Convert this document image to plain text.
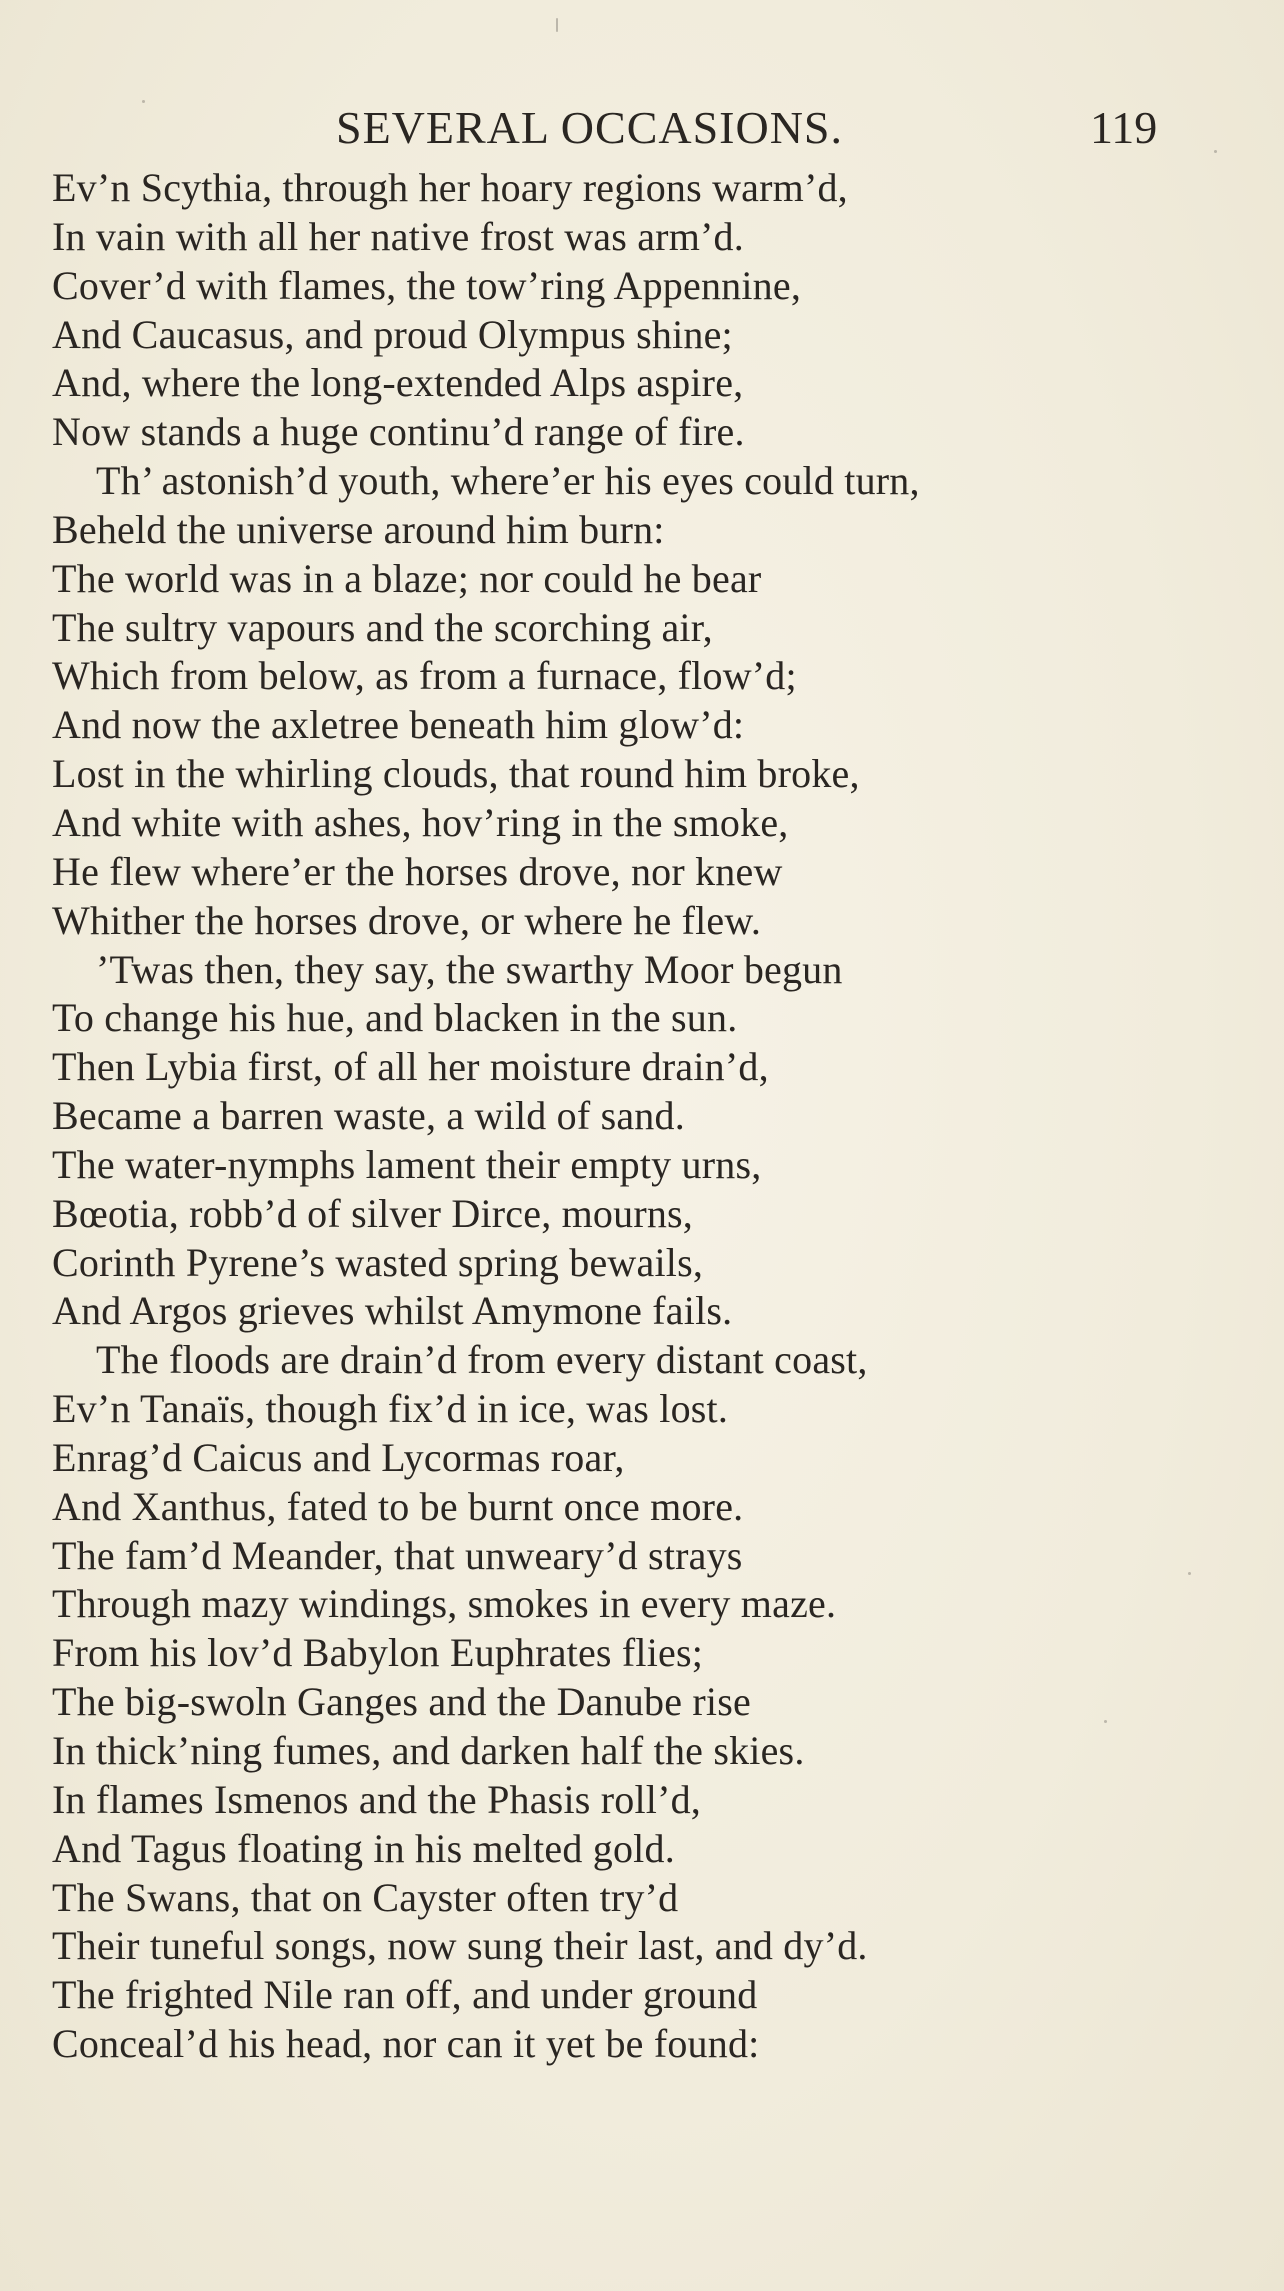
SEVERAL OCCASIONS.	119
Ev’n Scythia, through her hoary regions warm’d,
In vain with all her native frost was arm’d.
Cover’d with flames, the tow’ring Appennine,
And Caucasus, and proud Olympus shine;
And, where the long-extended Alps aspire,
Now stands a huge continu’d range of fire.
Th’ astonish’d youth, where’er his eyes could turn,
Beheld the universe around him burn:
The world was in a blaze; nor could he bear
The sultry vapours and the scorching air,
Which from below, as from a furnace, flow’d;
And now the axletree beneath him glow’d:
Lost in the whirling clouds, that round him broke,
And white with ashes, hov’ring in the smoke,
He flew where’er the horses drove, nor knew
Whither the horses drove, or where he flew.
’Twas then, they say, the swarthy Moor begun
To change his hue, and blacken in the sun.
Then Lybia first, of all her moisture drain’d,
Became a barren waste, a wild of sand.
The water-nymphs lament their empty urns,
Bœotia, robb’d of silver Dirce, mourns,
Corinth Pyrene’s wasted spring bewails,
And Argos grieves whilst Amymone fails.
The floods are drain’d from every distant coast,
Ev’n Tanaïs, though fix’d in ice, was lost.
Enrag’d Caicus and Lycormas roar,
And Xanthus, fated to be burnt once more.
The fam’d Meander, that unweary’d strays
Through mazy windings, smokes in every maze.
From his lov’d Babylon Euphrates flies;
The big-swoln Ganges and the Danube rise
In thick’ning fumes, and darken half the skies.
In flames Ismenos and the Phasis roll’d,
And Tagus floating in his melted gold.
The Swans, that on Cayster often try’d
Their tuneful songs, now sung their last, and dy’d.
The frighted Nile ran off, and under ground
Conceal’d his head, nor can it yet be found:
